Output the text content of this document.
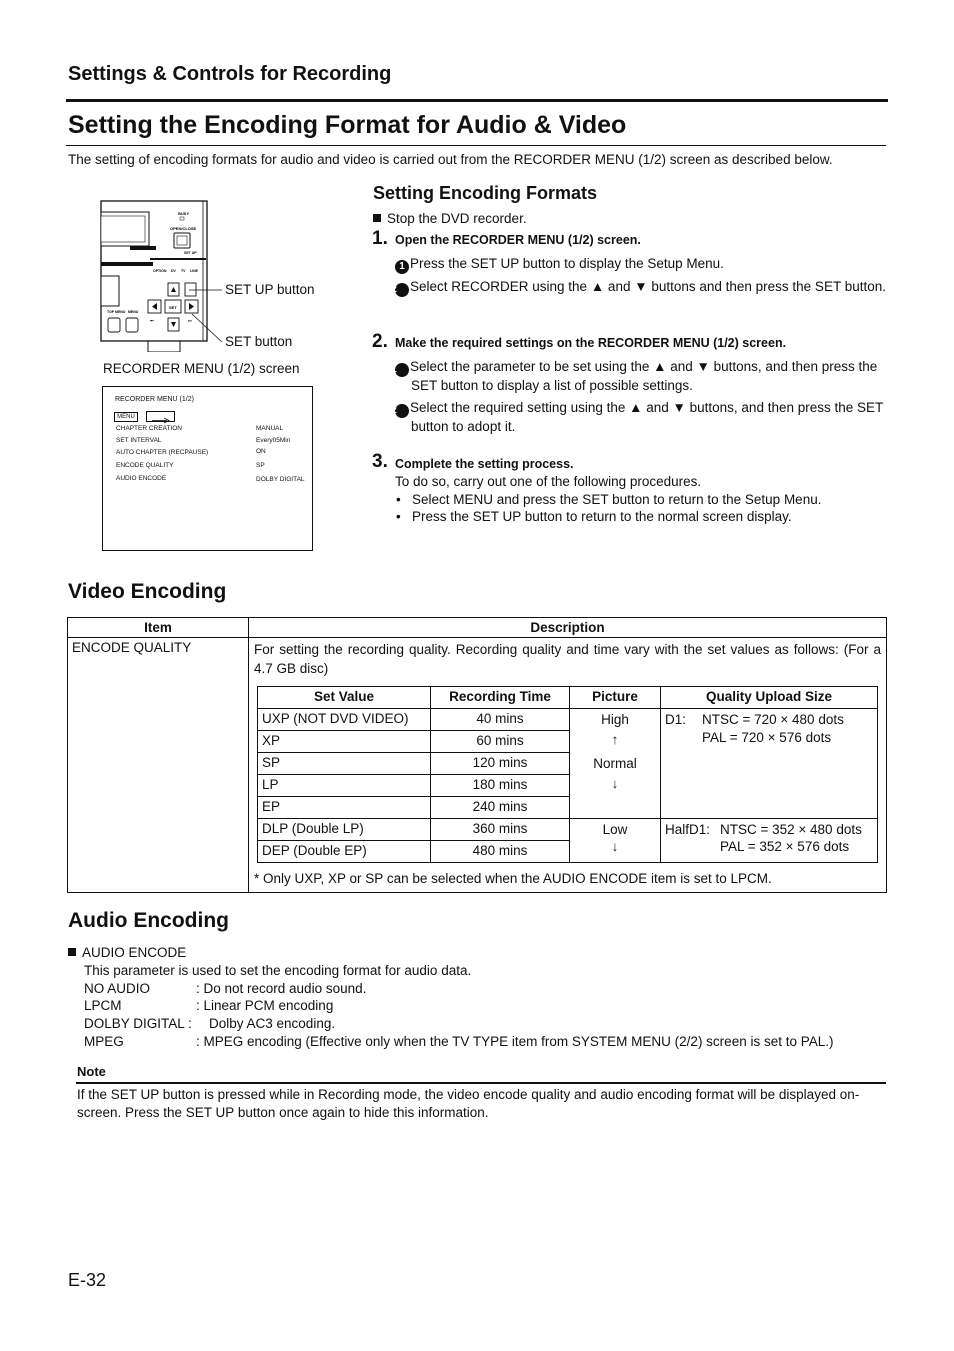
Settings & Controls for Recording
Setting the Encoding Format for Audio & Video
The setting of encoding formats for audio and video is carried out from the RECORDER MENU (1/2) screen as described below.
BUSY
OPEN/CLOSE
SET UP
OPTION DV TV LINE
SET
TOP MENU MENU
⏮	⏭
SET UP button
SET button
RECORDER MENU (1/2) screen
RECORDER MENU (1/2)
MENU
CHAPTER CREATION	MANUAL
SET INTERVAL	Every05Min
AUTO CHAPTER (RECPAUSE)	ON
ENCODE QUALITY	SP
AUDIO ENCODE	DOLBY DIGITAL
Setting Encoding Formats
Stop the DVD recorder.
1. Open the RECORDER MENU (1/2) screen.
1 Press the SET UP button to display the Setup Menu.
2 Select RECORDER using the ▲ and ▼ buttons and then press the SET button.
2. Make the required settings on the RECORDER MENU (1/2) screen.
1 Select the parameter to be set using the ▲ and ▼ buttons, and then press the SET button to display a list of possible settings.
2 Select the required setting using the ▲ and ▼ buttons, and then press the SET button to adopt it.
3. Complete the setting process.
To do so, carry out one of the following procedures.
•   Select MENU and press the SET button to return to the Setup Menu.
•   Press the SET UP button to return to the normal screen display.
Video Encoding
Item	Description
ENCODE QUALITY	For setting the recording quality. Recording quality and time vary with the set values as follows: (For a 4.7 GB disc)
Set Value	Recording Time	Picture	Quality Upload Size
UXP (NOT DVD VIDEO)	40 mins	High
↑
Normal
↓

D1: NTSC = 720 × 480 dots
PAL = 720 × 576 dots

XP	60 mins
SP	120 mins
LP	180 mins
EP	240 mins
DLP (Double LP)	360 mins	Low
↓

HalfD1: NTSC = 352 × 480 dots
PAL = 352 × 576 dots

DEP (Double EP)	480 mins
* Only UXP, XP or SP can be selected when the AUDIO ENCODE item is set to LPCM.
Audio Encoding
AUDIO ENCODE
This parameter is used to set the encoding format for audio data.
NO AUDIO	: Do not record audio sound.
LPCM	: Linear PCM encoding
DOLBY DIGITAL : Dolby AC3 encoding.
MPEG	: MPEG encoding (Effective only when the TV TYPE item from SYSTEM MENU (2/2) screen is set to PAL.)
Note
If the SET UP button is pressed while in Recording mode, the video encode quality and audio encoding format will be displayed on-screen. Press the SET UP button once again to hide this information.
E-32
